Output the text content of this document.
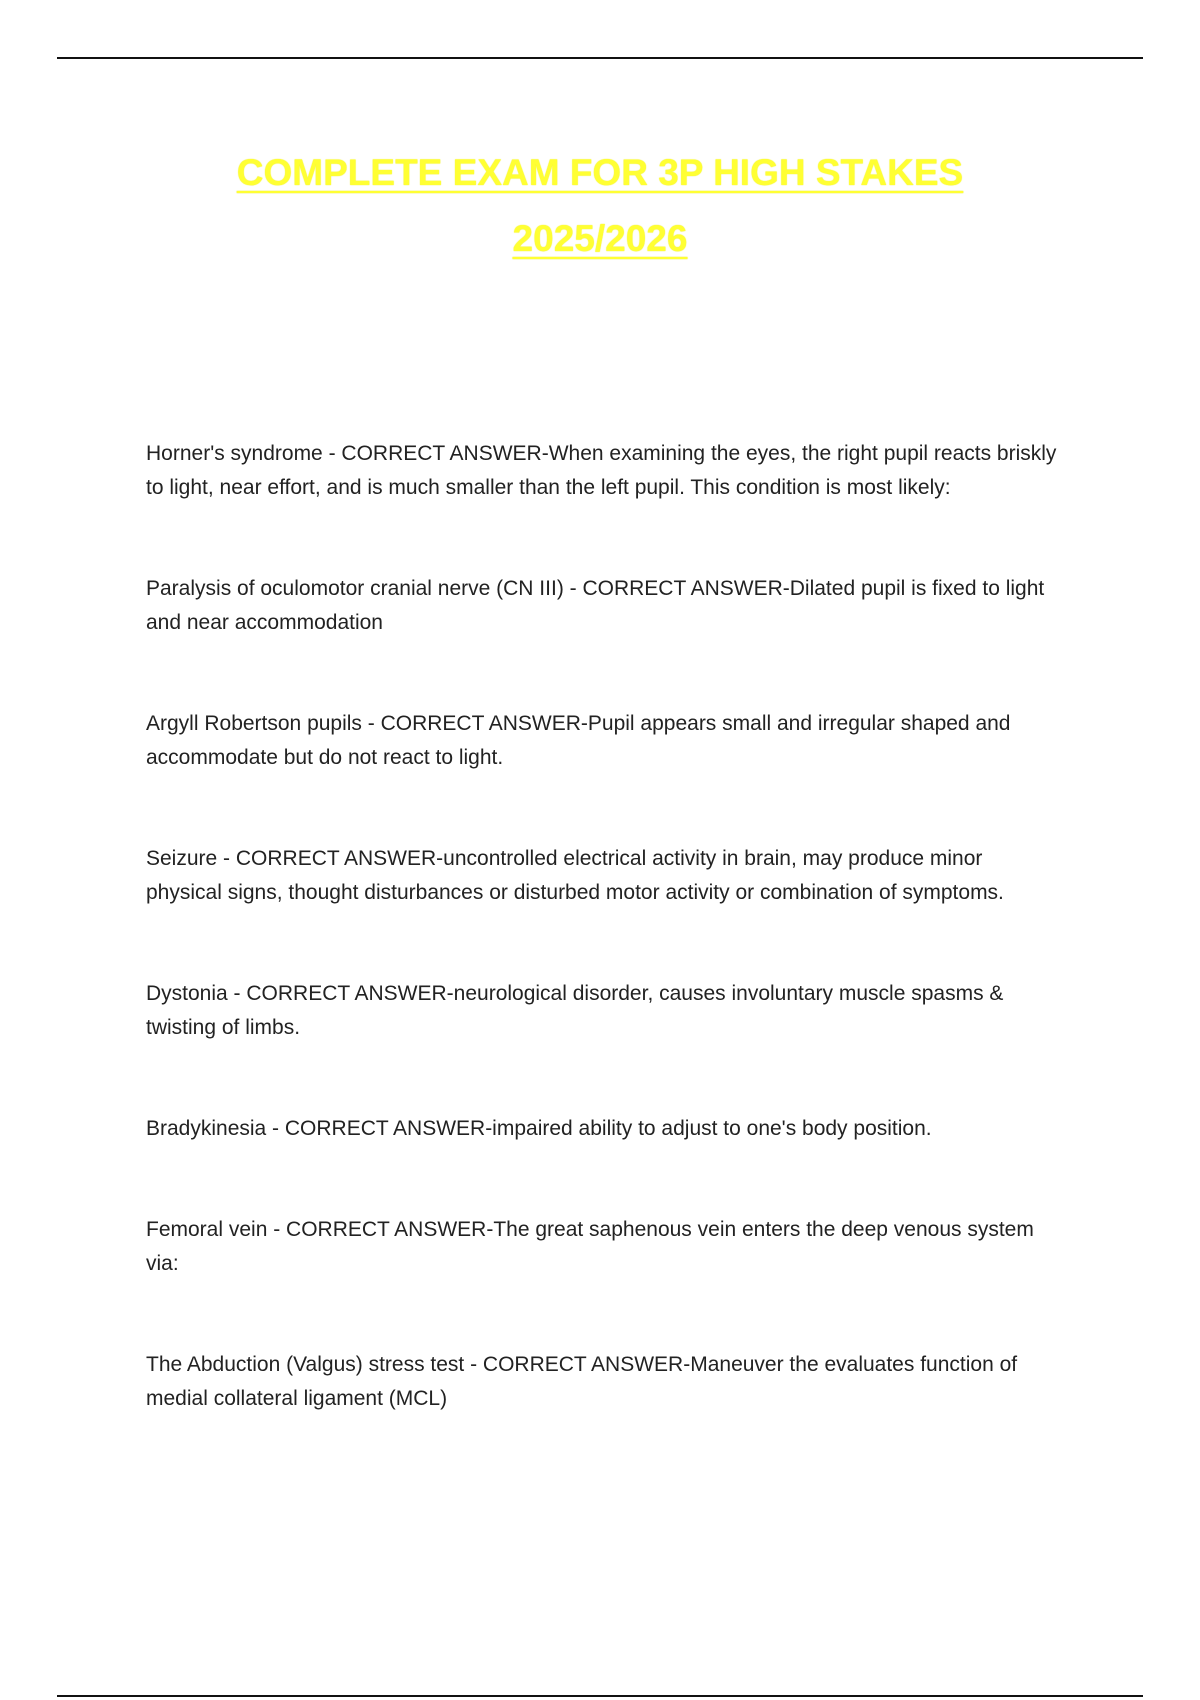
COMPLETE EXAM FOR 3P HIGH STAKES
2025/2026

Horner's syndrome - CORRECT ANSWER-When examining the eyes, the right pupil reacts briskly to light, near effort, and is much smaller than the left pupil. This condition is most likely:

Paralysis of oculomotor cranial nerve (CN III) - CORRECT ANSWER-Dilated pupil is fixed to light and near accommodation

Argyll Robertson pupils - CORRECT ANSWER-Pupil appears small and irregular shaped and accommodate but do not react to light.

Seizure - CORRECT ANSWER-uncontrolled electrical activity in brain, may produce minor physical signs, thought disturbances or disturbed motor activity or combination of symptoms.

Dystonia - CORRECT ANSWER-neurological disorder, causes involuntary muscle spasms & twisting of limbs.

Bradykinesia - CORRECT ANSWER-impaired ability to adjust to one's body position.

Femoral vein - CORRECT ANSWER-The great saphenous vein enters the deep venous system via:

The Abduction (Valgus) stress test - CORRECT ANSWER-Maneuver the evaluates function of medial collateral ligament (MCL)
